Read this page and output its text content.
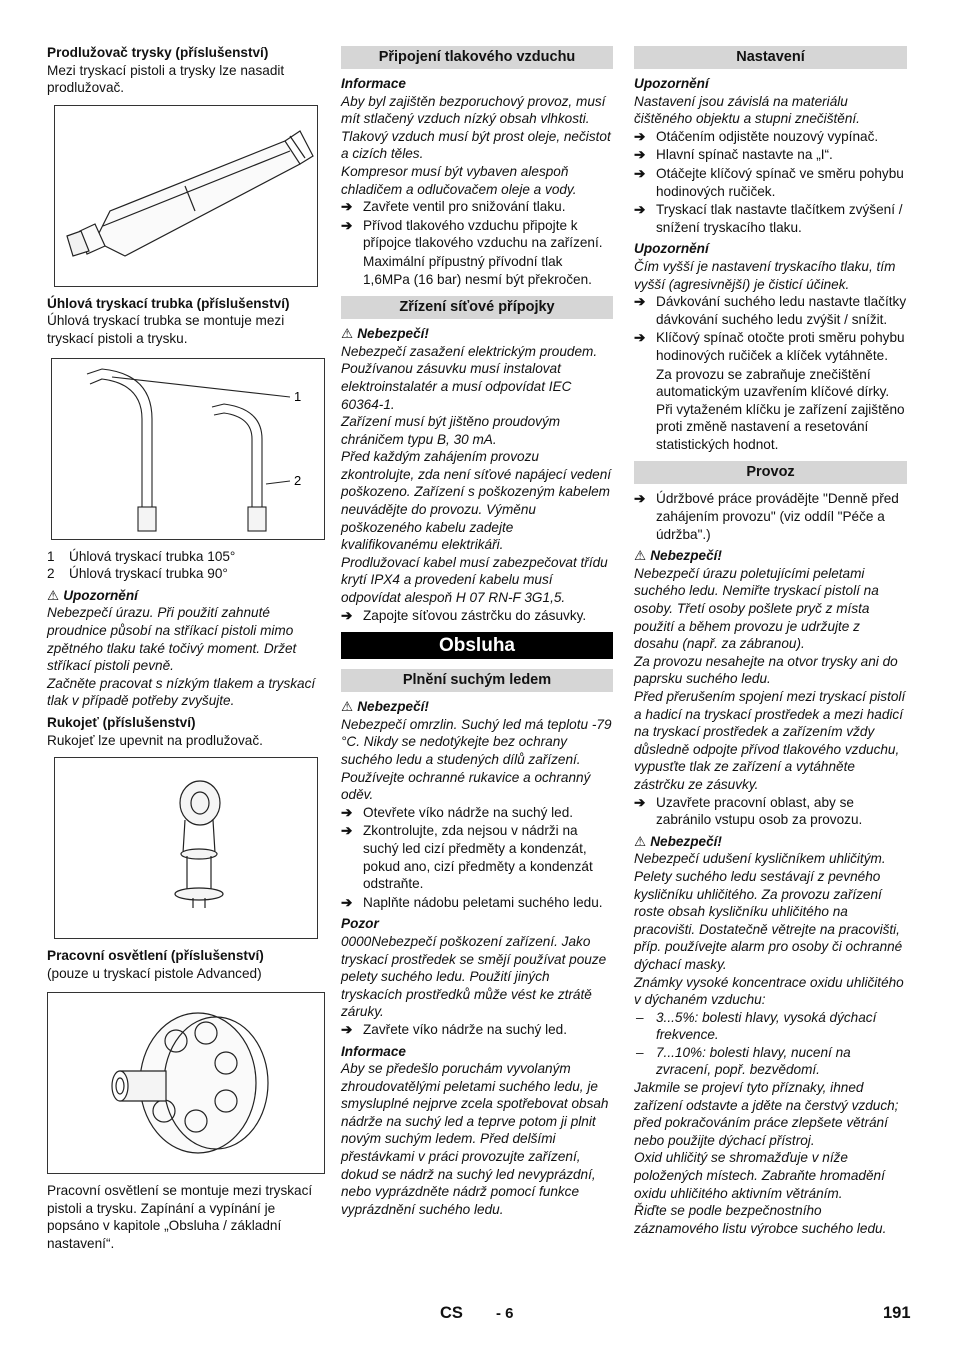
Prodlužovač trysky (příslušenství)

Mezi tryskací pistoli a trysky lze nasadit prodlužovač.

Úhlová tryskací trubka (příslušenství)

Úhlová tryskací trubka se montuje mezi tryskací pistoli a trysku.

1
2
1 Úhlová tryskací trubka 105°
2 Úhlová tryskací trubka 90°

⚠ Upozornění

Nebezpečí úrazu. Při použití zahnuté proudnice působí na stříkací pistoli mimo zpětného tlaku také točivý moment. Držet stříkací pistoli pevně.

Začněte pracovat s nízkým tlakem a tryskací tlak v případě potřeby zvyšujte.

Rukojeť (příslušenství)

Rukojeť lze upevnit na prodlužovač.

Pracovní osvětlení (příslušenství)

(pouze u tryskací pistole Advanced)

Pracovní osvětlení se montuje mezi tryskací pistoli a trysku. Zapínání a vypínání je popsáno v kapitole „Obsluha / základní nastavení“.

Připojení tlakového vzduchu

Informace

Aby byl zajištěn bezporuchový provoz, musí mít stlačený vzduch nízký obsah vlhkosti. Tlakový vzduch musí být prost oleje, nečistot a cizích těles.

Kompresor musí být vybaven alespoň chladičem a odlučovačem oleje a vody.

➔ Zavřete ventil pro snižování tlaku.
➔ Přívod tlakového vzduchu připojte k přípojce tlakového vzduchu na zařízení.

Maximální přípustný přívodní tlak 1,6MPa (16 bar) nesmí být překročen.

Zřízení síťové přípojky

⚠ Nebezpečí!

Nebezpečí zasažení elektrickým proudem. Používanou zásuvku musí instalovat elektroinstalatér a musí odpovídat IEC 60364-1.

Zařízení musí být jištěno proudovým chráničem typu B, 30 mA.

Před každým zahájením provozu zkontrolujte, zda není síťové napájecí vedení poškozeno. Zařízení s poškozeným kabelem neuvádějte do provozu. Výměnu poškozeného kabelu zadejte kvalifikovanému elektrikáři.

Prodlužovací kabel musí zabezpečovat třídu krytí IPX4 a provedení kabelu musí odpovídat alespoň H 07 RN-F 3G1,5.

➔ Zapojte síťovou zástrčku do zásuvky.
Obsluha
Plnění suchým ledem

⚠ Nebezpečí!

Nebezpečí omrzlin. Suchý led má teplotu -79 °C. Nikdy se nedotýkejte bez ochrany suchého ledu a studených dílů zařízení. Používejte ochranné rukavice a ochranný oděv.

➔ Otevřete víko nádrže na suchý led.
➔ Zkontrolujte, zda nejsou v nádrži na suchý led cizí předměty a kondenzát, pokud ano, cizí předměty a kondenzát odstraňte.
➔ Naplňte nádobu peletami suchého ledu.

Pozor

0000Nebezpečí poškození zařízení. Jako tryskací prostředek se smějí používat pouze pelety suchého ledu. Použití jiných tryskacích prostředků může vést ke ztrátě záruky.

➔ Zavřete víko nádrže na suchý led.

Informace

Aby se předešlo poruchám vyvolaným zhroudovatělými peletami suchého ledu, je smysluplné nejprve zcela spotřebovat obsah nádrže na suchý led a teprve potom ji plnit novým suchým ledem. Před delšími přestávkami v práci provozujte zařízení, dokud se nádrž na suchý led nevyprázdní, nebo vyprázdněte nádrž pomocí funkce vyprázdnění suchého ledu.

Nastavení

Upozornění

Nastavení jsou závislá na materiálu čištěného objektu a stupni znečištění.

➔ Otáčením odjistěte nouzový vypínač.
➔ Hlavní spínač nastavte na „I“.
➔ Otáčejte klíčový spínač ve směru pohybu hodinových ručiček.
➔ Tryskací tlak nastavte tlačítkem zvýšení / snížení tryskacího tlaku.

Upozornění

Čím vyšší je nastavení tryskacího tlaku, tím vyšší (agresivnější) je čisticí účinek.

➔ Dávkování suchého ledu nastavte tlačítky dávkování suchého ledu zvýšit / snížit.
➔ Klíčový spínač otočte proti směru pohybu hodinových ručiček a klíček vytáhněte.

Za provozu se zabraňuje znečištění automatickým uzavřením klíčové dírky.

Při vytaženém klíčku je zařízení zajištěno proti změně nastavení a resetování statistických hodnot.

Provoz
➔ Údržbové práce provádějte "Denně před zahájením provozu" (viz oddíl "Péče a údržba".)

⚠ Nebezpečí!

Nebezpečí úrazu poletujícími peletami suchého ledu. Nemiřte tryskací pistolí na osoby. Třetí osoby pošlete pryč z místa použití a během provozu je udržujte z dosahu (např. za zábranou).

Za provozu nesahejte na otvor trysky ani do paprsku suchého ledu.

Před přerušením spojení mezi tryskací pistolí a hadicí na tryskací prostředek a mezi hadicí na tryskací prostředek a zařízením vždy důsledně odpojte přívod tlakového vzduchu, vypusťte tlak ze zařízení a vytáhněte zástrčku ze zásuvky.

➔ Uzavřete pracovní oblast, aby se zabránilo vstupu osob za provozu.

⚠ Nebezpečí!

Nebezpečí udušení kysličníkem uhličitým. Pelety suchého ledu sestávají z pevného kysličníku uhličitého. Za provozu zařízení roste obsah kysličníku uhličitého na pracovišti. Dostatečně větrejte na pracovišti, příp. používejte alarm pro osoby či ochranné dýchací masky.

Známky vysoké koncentrace oxidu uhličitého v dýchaném vzduchu:

– 3...5%: bolesti hlavy, vysoká dýchací frekvence.
– 7...10%: bolesti hlavy, nucení na zvracení, popř. bezvědomí.

Jakmile se projeví tyto příznaky, ihned zařízení odstavte a jděte na čerstvý vzduch; před pokračováním práce zlepšete větrání nebo použijte dýchací přístroj.

Oxid uhličitý se shromažďuje v níže položených místech. Zabraňte hromadění oxidu uhličitého aktivním větráním.

Řiďte se podle bezpečnostního záznamového listu výrobce suchého ledu.

CS - 6	191
